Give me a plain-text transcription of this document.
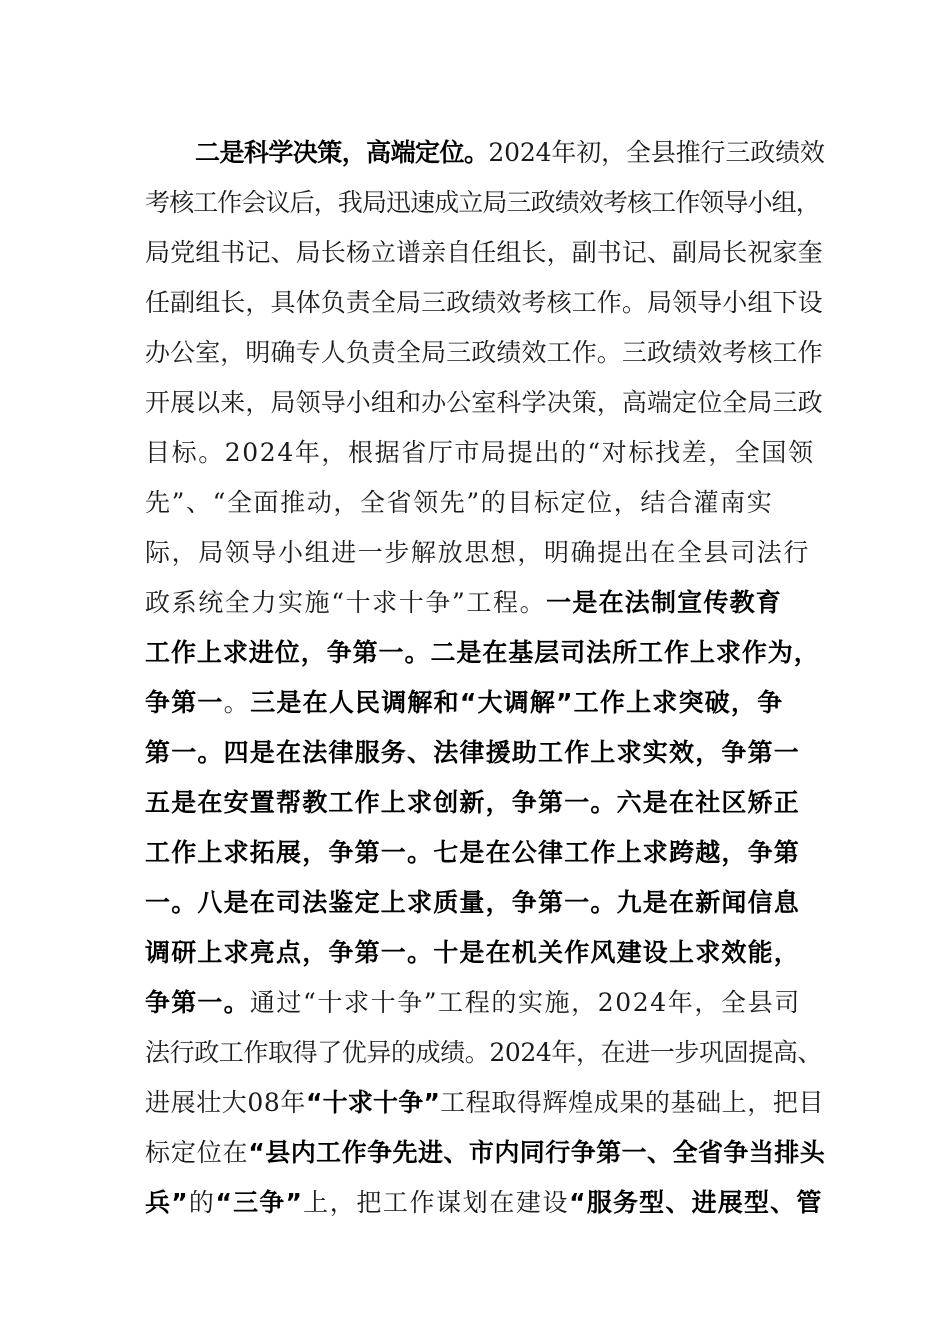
二是科学决策，高端定位。2024年初，全县推行三政绩效
考核工作会议后，我局迅速成立局三政绩效考核工作领导小组，
局党组书记、局长杨立谱亲自任组长，副书记、副局长祝家奎
任副组长，具体负责全局三政绩效考核工作。局领导小组下设
办公室，明确专人负责全局三政绩效工作。三政绩效考核工作
开展以来，局领导小组和办公室科学决策，高端定位全局三政
目标。2024年，根据省厅市局提出的“对标找差，全国领
先”、“全面推动，全省领先”的目标定位，结合灌南实
际，局领导小组进一步解放思想，明确提出在全县司法行
政系统全力实施“十求十争”工程。一是在法制宣传教育
工作上求进位，争第一。二是在基层司法所工作上求作为，
争第一。三是在人民调解和“大调解”工作上求突破，争
第一。四是在法律服务、法律援助工作上求实效，争第一
五是在安置帮教工作上求创新，争第一。六是在社区矫正
工作上求拓展，争第一。七是在公律工作上求跨越，争第
一。八是在司法鉴定上求质量，争第一。九是在新闻信息
调研上求亮点，争第一。十是在机关作风建设上求效能，
争第一。通过“十求十争”工程的实施，2024年，全县司
法行政工作取得了优异的成绩。2024年，在进一步巩固提高、
进展壮大08年“十求十争”工程取得辉煌成果的基础上，把目
标定位在“县内工作争先进、市内同行争第一、全省争当排头
兵”的“三争”上，把工作谋划在建设“服务型、进展型、管
